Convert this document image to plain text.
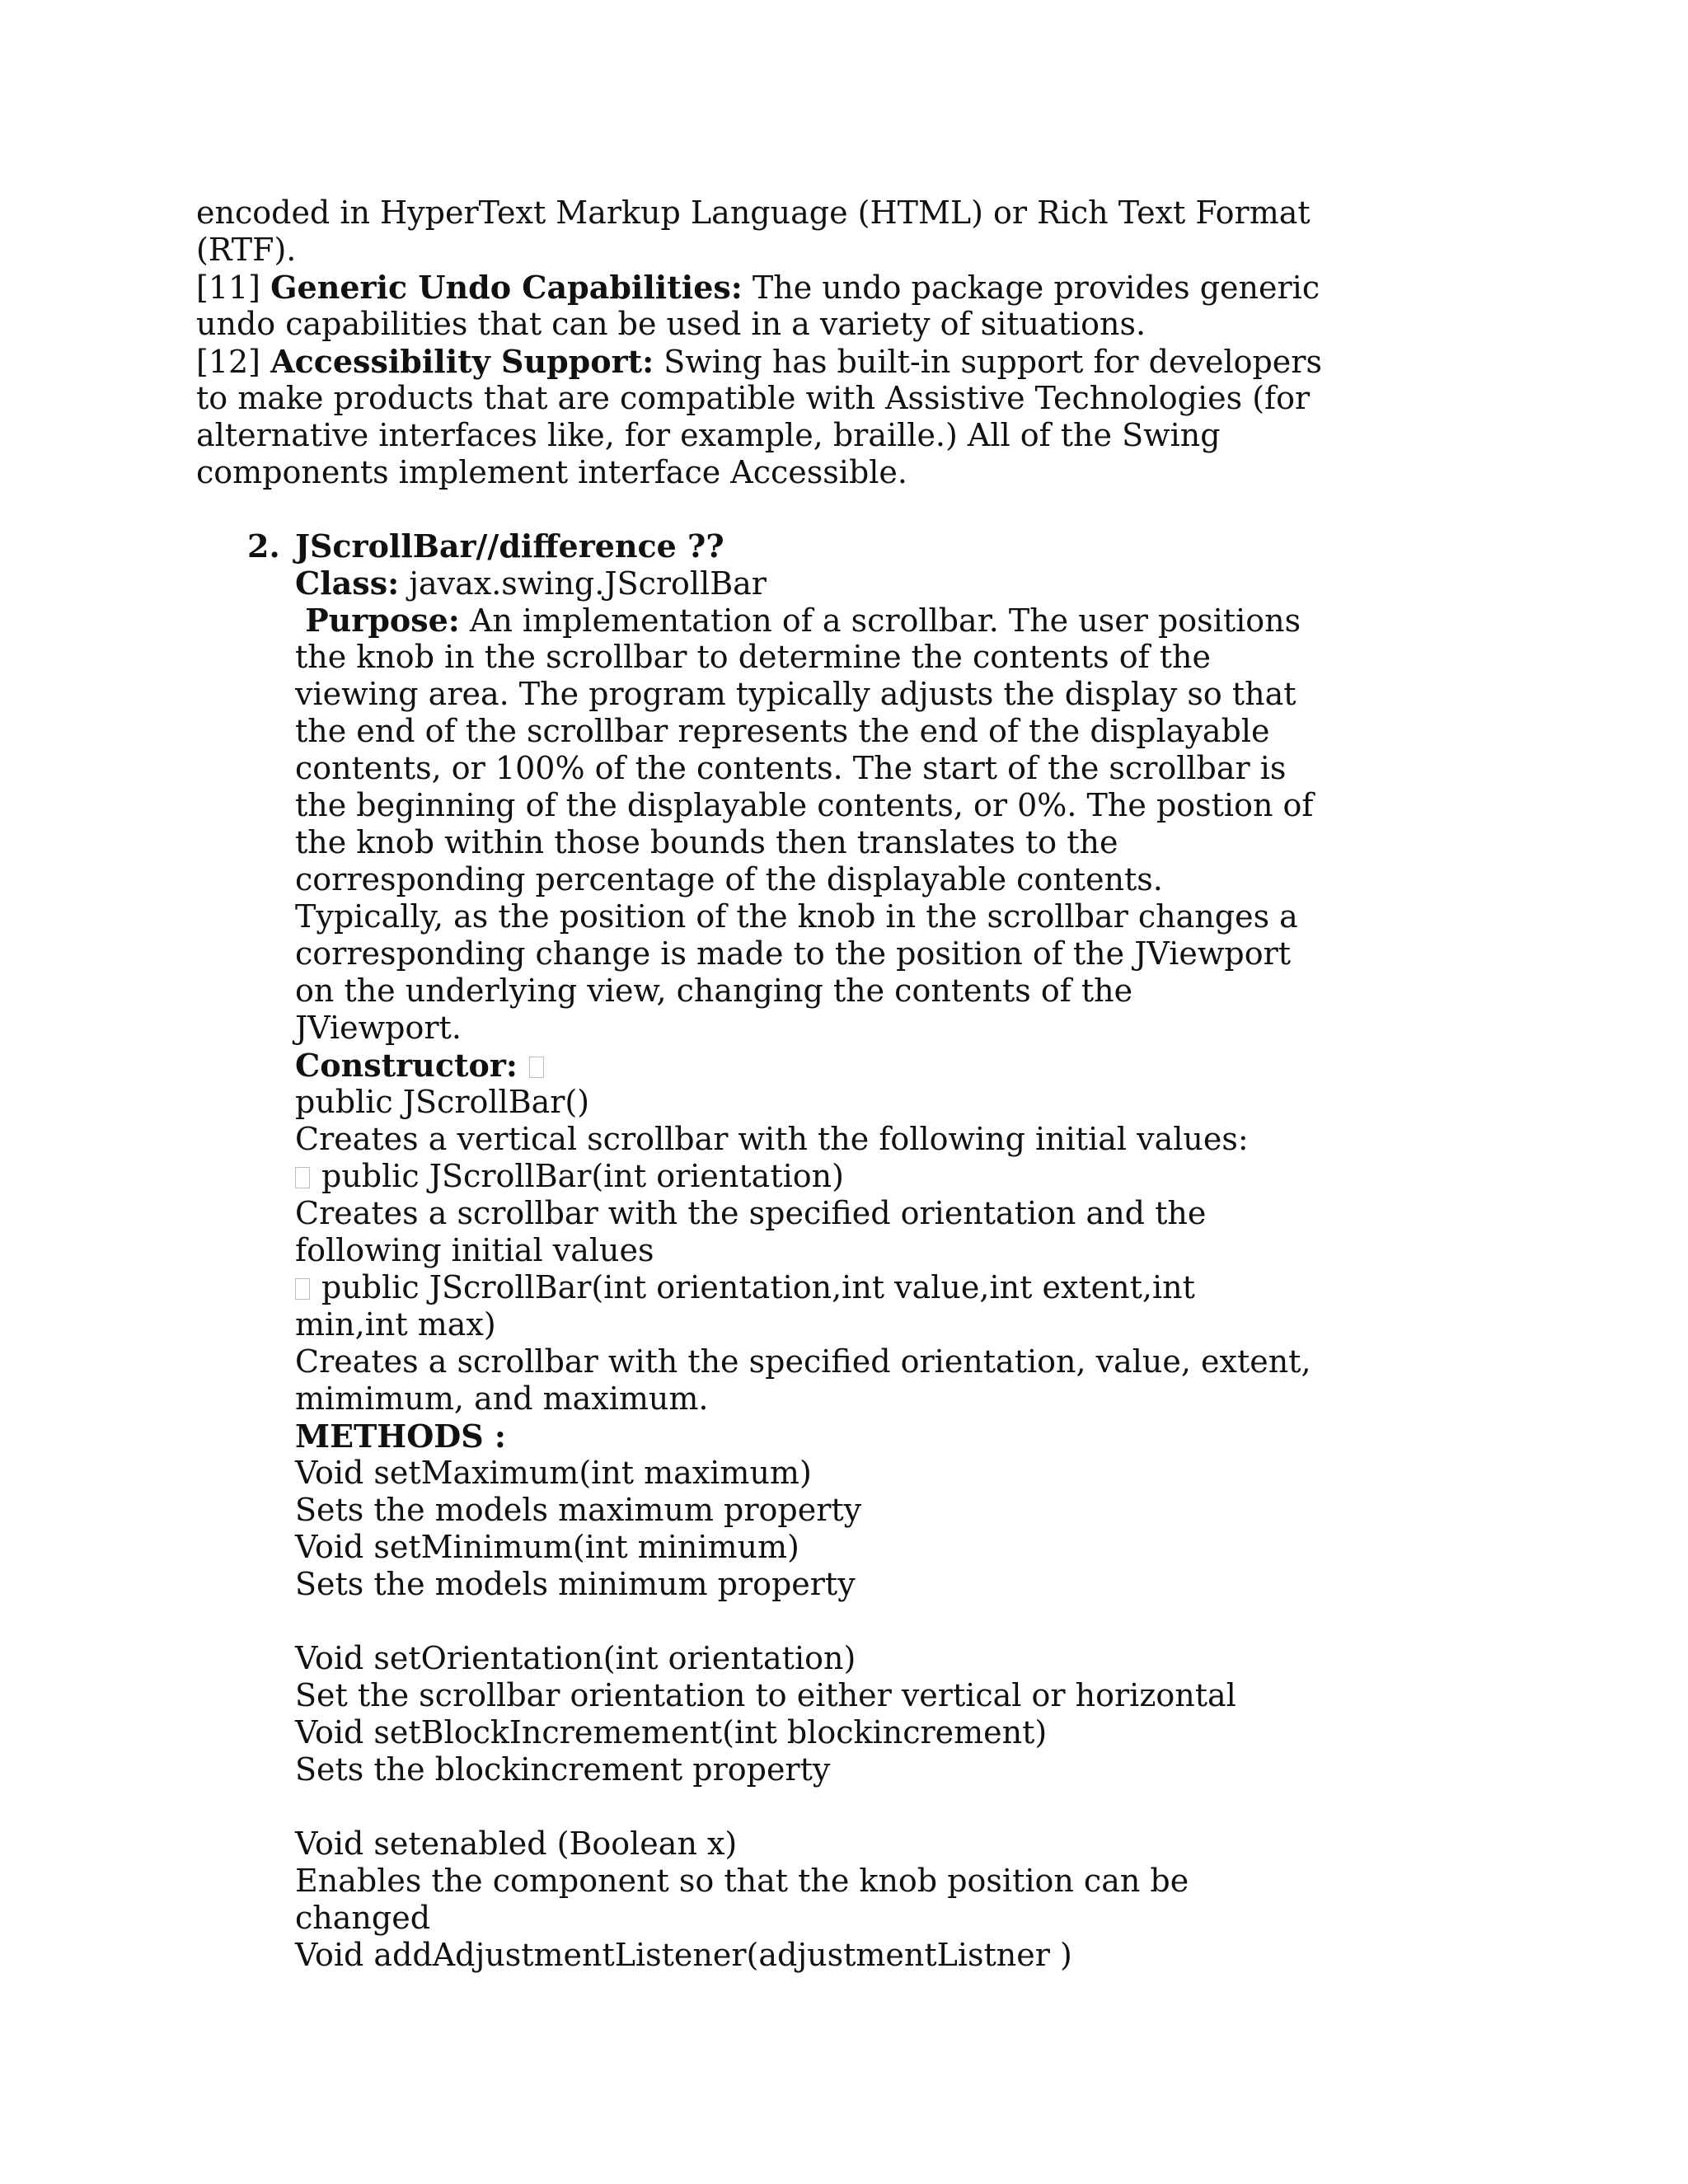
encoded in HyperText Markup Language (HTML) or Rich Text Format
(RTF).
[11] Generic Undo Capabilities: The undo package provides generic
undo capabilities that can be used in a variety of situations.
[12] Accessibility Support: Swing has built-in support for developers
to make products that are compatible with Assistive Technologies (for
alternative interfaces like, for example, braille.) All of the Swing
components implement interface Accessible.
2. JScrollBar//difference ??
Class: javax.swing.JScrollBar
Purpose: An implementation of a scrollbar. The user positions
the knob in the scrollbar to determine the contents of the
viewing area. The program typically adjusts the display so that
the end of the scrollbar represents the end of the displayable
contents, or 100% of the contents. The start of the scrollbar is
the beginning of the displayable contents, or 0%. The postion of
the knob within those bounds then translates to the
corresponding percentage of the displayable contents.
Typically, as the position of the knob in the scrollbar changes a
corresponding change is made to the position of the JViewport
on the underlying view, changing the contents of the
JViewport.
Constructor:
public JScrollBar()
Creates a vertical scrollbar with the following initial values:
public JScrollBar(int orientation)
Creates a scrollbar with the specified orientation and the
following initial values
public JScrollBar(int orientation,int value,int extent,int
min,int max)
Creates a scrollbar with the specified orientation, value, extent,
mimimum, and maximum.
METHODS :
Void setMaximum(int maximum)
Sets the models maximum property
Void setMinimum(int minimum)
Sets the models minimum property
Void setOrientation(int orientation)
Set the scrollbar orientation to either vertical or horizontal
Void setBlockIncremement(int blockincrement)
Sets the blockincrement property
Void setenabled (Boolean x)
Enables the component so that the knob position can be
changed
Void addAdjustmentListener(adjustmentListner )
